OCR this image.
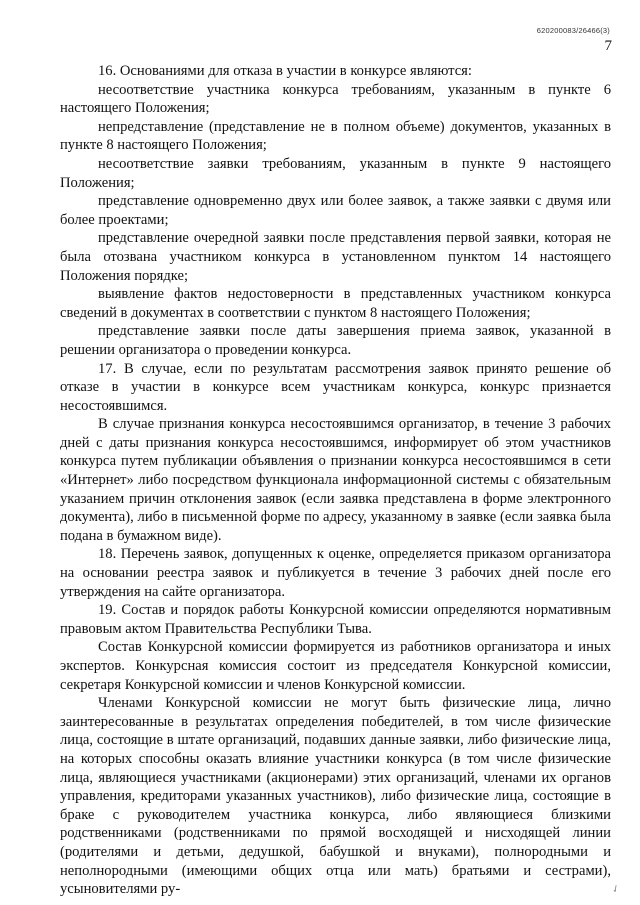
620200083/26466(3)
7

16. Основаниями для отказа в участии в конкурсе являются:

несоответствие участника конкурса требованиям, указанным в пункте 6 настоящего Положения;

непредставление (представление не в полном объеме) документов, указанных в пункте 8 настоящего Положения;

несоответствие заявки требованиям, указанным в пункте 9 настоящего Положения;

представление одновременно двух или более заявок, а также заявки с двумя или более проектами;

представление очередной заявки после представления первой заявки, которая не была отозвана участником конкурса в установленном пунктом 14 настоящего Положения порядке;

выявление фактов недостоверности в представленных участником конкурса сведений в документах в соответствии с пунктом 8 настоящего Положения;

представление заявки после даты завершения приема заявок, указанной в решении организатора о проведении конкурса.

17. В случае, если по результатам рассмотрения заявок принято решение об отказе в участии в конкурсе всем участникам конкурса, конкурс признается несостоявшимся.

В случае признания конкурса несостоявшимся организатор, в течение 3 рабочих дней с даты признания конкурса несостоявшимся, информирует об этом участников конкурса путем публикации объявления о признании конкурса несостоявшимся в сети «Интернет» либо посредством функционала информационной системы с обязательным указанием причин отклонения заявок (если заявка представлена в форме электронного документа), либо в письменной форме по адресу, указанному в заявке (если заявка была подана в бумажном виде).

18. Перечень заявок, допущенных к оценке, определяется приказом организатора на основании реестра заявок и публикуется в течение 3 рабочих дней после его утверждения на сайте организатора.

19. Состав и порядок работы Конкурсной комиссии определяются нормативным правовым актом Правительства Республики Тыва.

Состав Конкурсной комиссии формируется из работников организатора и иных экспертов. Конкурсная комиссия состоит из председателя Конкурсной комиссии, секретаря Конкурсной комиссии и членов Конкурсной комиссии.

Членами Конкурсной комиссии не могут быть физические лица, лично заинтересованные в результатах определения победителей, в том числе физические лица, состоящие в штате организаций, подавших данные заявки, либо физические лица, на которых способны оказать влияние участники конкурса (в том числе физические лица, являющиеся участниками (акционерами) этих организаций, членами их органов управления, кредиторами указанных участников), либо физические лица, состоящие в браке с руководителем участника конкурса, либо являющиеся близкими родственниками (родственниками по прямой восходящей и нисходящей линии (родителями и детьми, дедушкой, бабушкой и внуками), полнородными и неполнородными (имеющими общих отца или мать) братьями и сестрами), усыновителями ру-	✓
